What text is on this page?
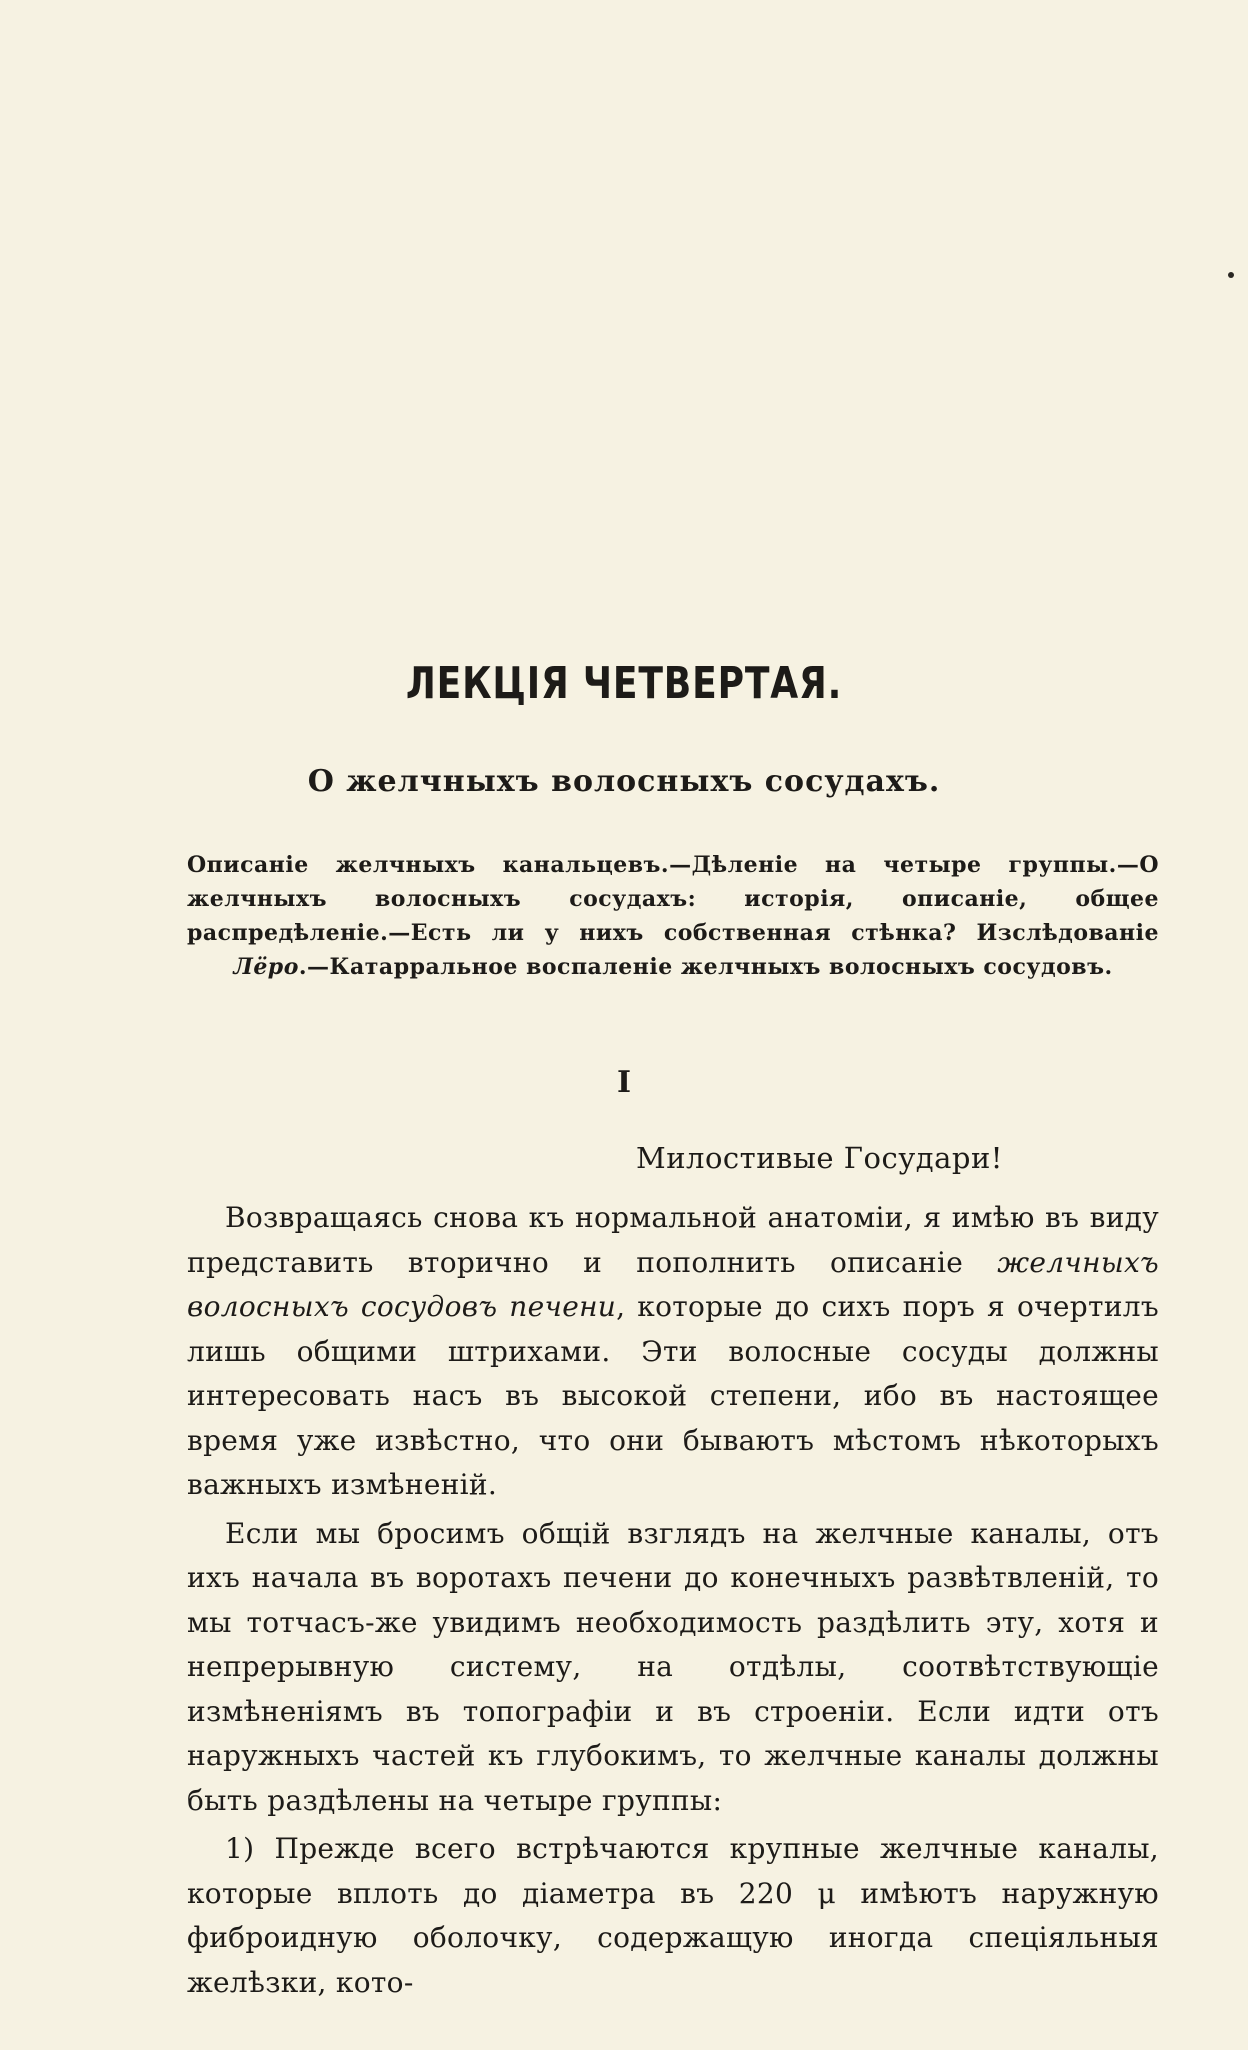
ЛЕКЦІЯ ЧЕТВЕРТАЯ.
О желчныхъ волосныхъ сосудахъ.
Описаніе желчныхъ канальцевъ.—Дѣленіе на четыре группы.—О желчныхъ волосныхъ сосудахъ: исторія, описаніе, общее распредѣленіе.—Есть ли у нихъ собственная стѣнка? Изслѣдованіе Лёро.—Катарральное воспаленіе желчныхъ волосныхъ сосудовъ.
I
Милостивые Государи!

Возвращаясь снова къ нормальной анатоміи, я имѣю въ виду представить вторично и пополнить описаніе желчныхъ волосныхъ сосудовъ печени, которые до сихъ поръ я очертилъ лишь общими штрихами. Эти волосные сосуды должны интересовать насъ въ высокой степени, ибо въ настоящее время уже извѣстно, что они бываютъ мѣстомъ нѣкоторыхъ важныхъ измѣненій.

Если мы бросимъ общій взглядъ на желчные каналы, отъ ихъ начала въ воротахъ печени до конечныхъ развѣтвленій, то мы тотчасъ-же увидимъ необходимость раздѣлить эту, хотя и непрерывную систему, на отдѣлы, соотвѣтствующіе измѣненіямъ въ топографіи и въ строеніи. Если идти отъ наружныхъ частей къ глубокимъ, то желчные каналы должны быть раздѣлены на четыре группы:

1) Прежде всего встрѣчаются крупные желчные каналы, которые вплоть до діаметра въ 220 μ имѣютъ наружную фиброидную оболочку, содержащую иногда спеціяльныя желѣзки, кото-
